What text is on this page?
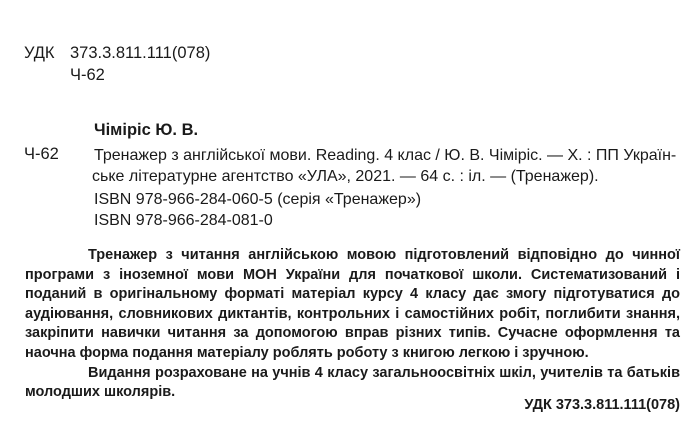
УДК 373.3.811.111(078)
Ч-62
Чіміріс Ю. В.
Ч-62 Тренажер з англійської мови. Reading. 4 клас / Ю. В. Чіміріс. — Х. : ПП Україн-
ське літературне агентство «УЛА», 2021. — 64 с. : іл. — (Тренажер).
ISBN 978-966-284-060-5 (серія «Тренажер»)
ISBN 978-966-284-081-0

Тренажер з читання англійською мовою підготовлений відповідно до чинної програми з іноземної мови МОН України для початкової школи. Систематизований і поданий в оригінальному форматі матеріал курсу 4 класу дає змогу підготуватися до аудіювання, словникових диктантів, контрольних і самостійних робіт, поглибити знання, закріпити навички читання за допомогою вправ різних типів. Сучасне оформлення та наочна форма подання матеріалу роблять роботу з книгою легкою і зручною.

Видання розраховане на учнів 4 класу загальноосвітніх шкіл, учителів та батьків молодших школярів.

УДК 373.3.811.111(078)
